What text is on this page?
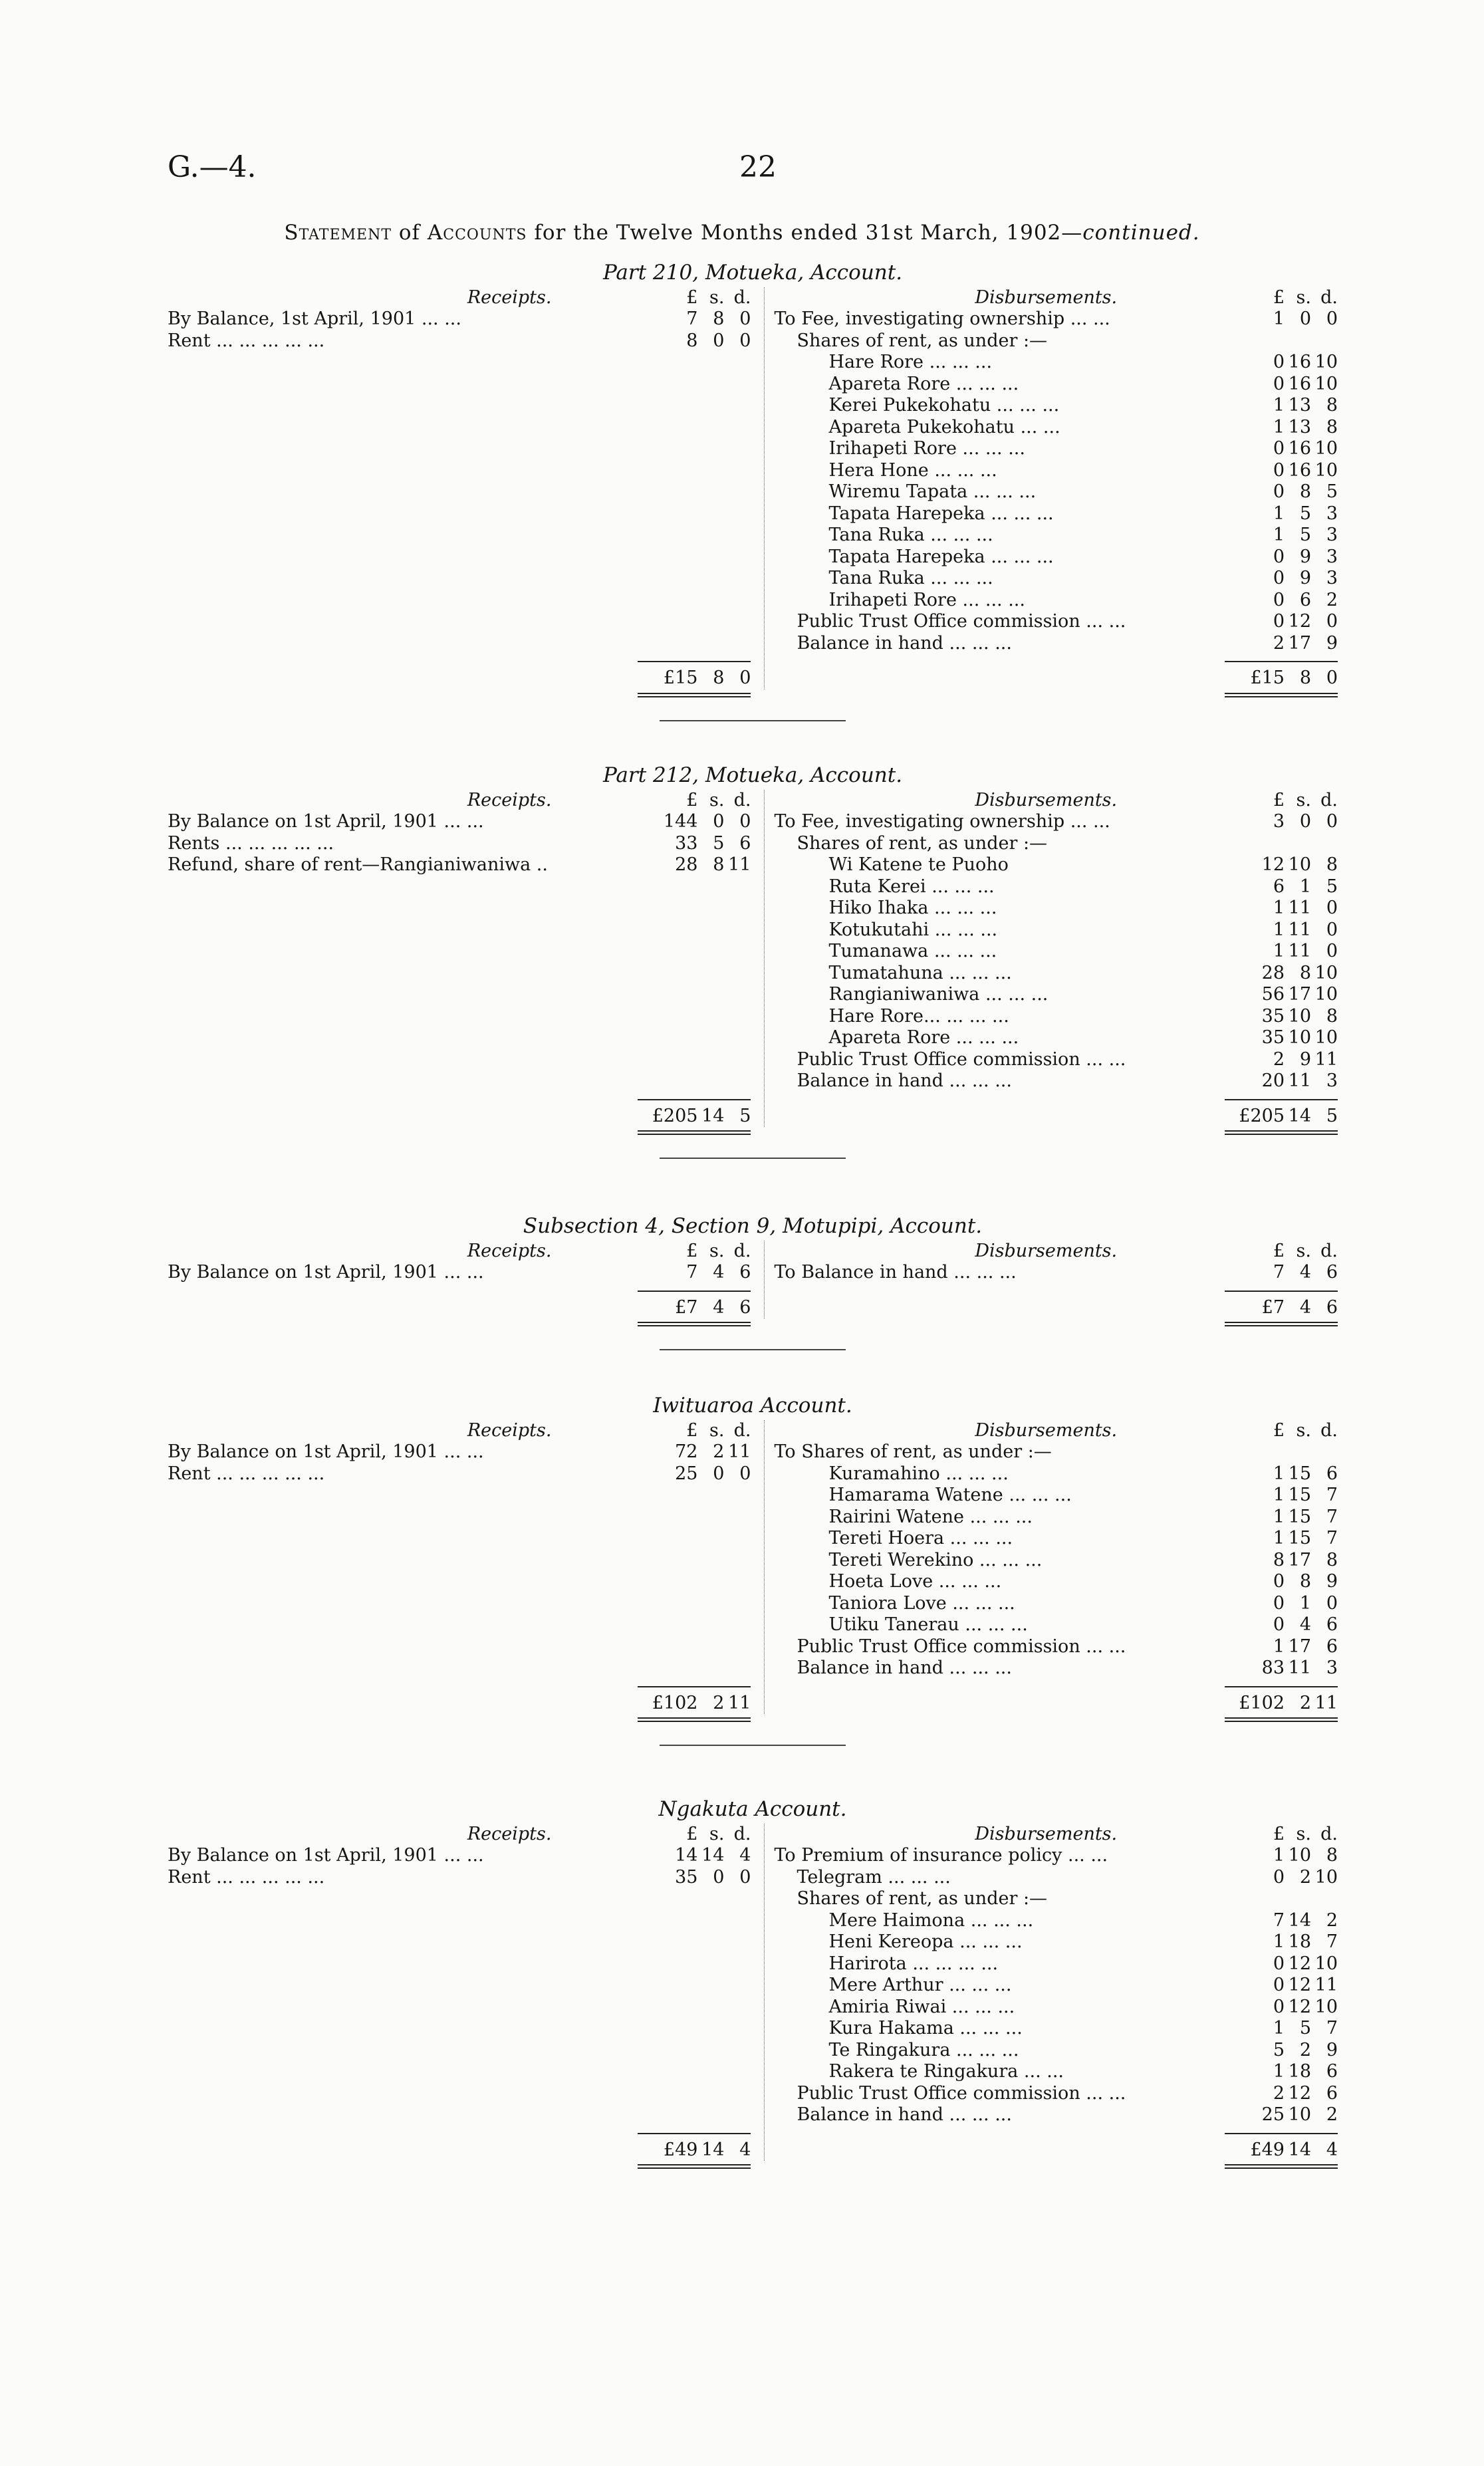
G.—4.	22
Statement of Accounts for the Twelve Months ended 31st March, 1902—continued.
Part 210, Motueka, Account.
Receipts.	£ s. d.
By Balance, 1st April, 1901 ... ...	7 8 0
Rent ... ... ... ... ...	8 0 0
£15 8 0
Disbursements.	£ s. d.
To Fee, investigating ownership ... ...	1 0 0
Shares of rent, as under :—
Hare Rore ... ... ...	0 16 10
Apareta Rore ... ... ...	0 16 10
Kerei Pukekohatu ... ... ...	1 13 8
Apareta Pukekohatu ... ...	1 13 8
Irihapeti Rore ... ... ...	0 16 10
Hera Hone ... ... ...	0 16 10
Wiremu Tapata ... ... ...	0 8 5
Tapata Harepeka ... ... ...	1 5 3
Tana Ruka ... ... ...	1 5 3
Tapata Harepeka ... ... ...	0 9 3
Tana Ruka ... ... ...	0 9 3
Irihapeti Rore ... ... ...	0 6 2
Public Trust Office commission ... ...	0 12 0
Balance in hand ... ... ...	2 17 9
£15 8 0
Part 212, Motueka, Account.
Receipts.	£ s. d.
By Balance on 1st April, 1901 ... ...	144 0 0
Rents ... ... ... ... ...	33 5 6
Refund, share of rent—Rangianiwaniwa ..	28 8 11
£205 14 5
Disbursements.	£ s. d.
To Fee, investigating ownership ... ...	3 0 0
Shares of rent, as under :—
Wi Katene te Puoho	12 10 8
Ruta Kerei ... ... ...	6 1 5
Hiko Ihaka ... ... ...	1 11 0
Kotukutahi ... ... ...	1 11 0
Tumanawa ... ... ...	1 11 0
Tumatahuna ... ... ...	28 8 10
Rangianiwaniwa ... ... ...	56 17 10
Hare Rore... ... ... ...	35 10 8
Apareta Rore ... ... ...	35 10 10
Public Trust Office commission ... ...	2 9 11
Balance in hand ... ... ...	20 11 3
£205 14 5
Subsection 4, Section 9, Motupipi, Account.
Receipts.	£ s. d.
By Balance on 1st April, 1901 ... ...	7 4 6
£7 4 6
Disbursements.	£ s. d.
To Balance in hand ... ... ...	7 4 6
£7 4 6
Iwituaroa Account.
Receipts.	£ s. d.
By Balance on 1st April, 1901 ... ...	72 2 11
Rent ... ... ... ... ...	25 0 0
£102 2 11
Disbursements.	£ s. d.
To Shares of rent, as under :—
Kuramahino ... ... ...	1 15 6
Hamarama Watene ... ... ...	1 15 7
Rairini Watene ... ... ...	1 15 7
Tereti Hoera ... ... ...	1 15 7
Tereti Werekino ... ... ...	8 17 8
Hoeta Love ... ... ...	0 8 9
Taniora Love ... ... ...	0 1 0
Utiku Tanerau ... ... ...	0 4 6
Public Trust Office commission ... ...	1 17 6
Balance in hand ... ... ...	83 11 3
£102 2 11
Ngakuta Account.
Receipts.	£ s. d.
By Balance on 1st April, 1901 ... ...	14 14 4
Rent ... ... ... ... ...	35 0 0
£49 14 4
Disbursements.	£ s. d.
To Premium of insurance policy ... ...	1 10 8
Telegram ... ... ...	0 2 10
Shares of rent, as under :—
Mere Haimona ... ... ...	7 14 2
Heni Kereopa ... ... ...	1 18 7
Harirota ... ... ... ...	0 12 10
Mere Arthur ... ... ...	0 12 11
Amiria Riwai ... ... ...	0 12 10
Kura Hakama ... ... ...	1 5 7
Te Ringakura ... ... ...	5 2 9
Rakera te Ringakura ... ...	1 18 6
Public Trust Office commission ... ...	2 12 6
Balance in hand ... ... ...	25 10 2
£49 14 4
